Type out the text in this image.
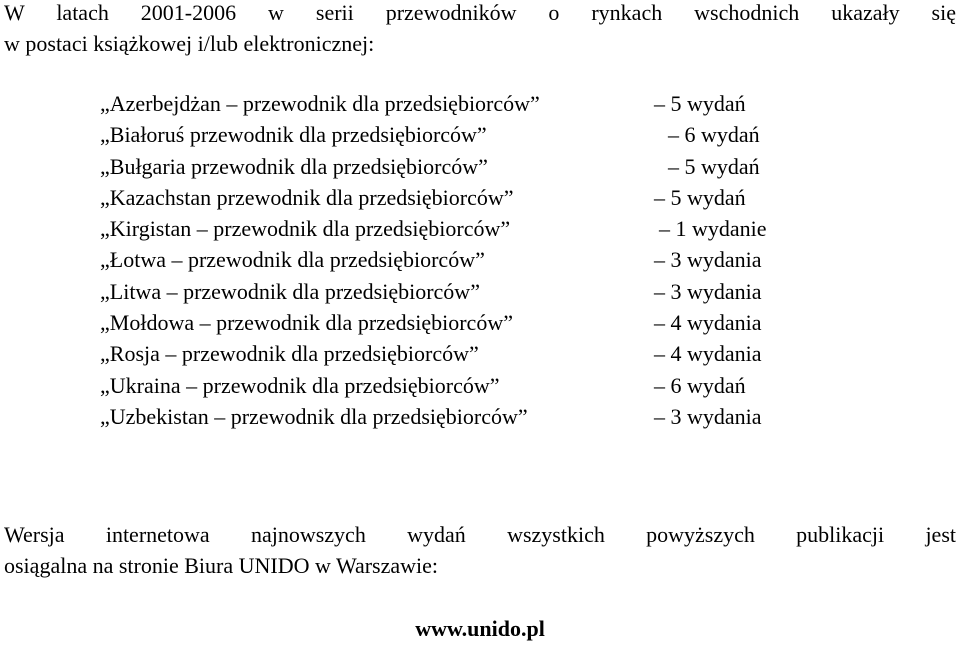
W latach 2001-2006 w serii przewodników o rynkach wschodnich ukazały się
w postaci książkowej i/lub elektronicznej:

„Azerbejdżan – przewodnik dla przedsiębiorców”	– 5 wydań
„Białoruś przewodnik dla przedsiębiorców”	– 6 wydań
„Bułgaria przewodnik dla przedsiębiorców”	– 5 wydań
„Kazachstan przewodnik dla przedsiębiorców”	– 5 wydań
„Kirgistan – przewodnik dla przedsiębiorców”	– 1 wydanie
„Łotwa – przewodnik dla przedsiębiorców”	– 3 wydania
„Litwa – przewodnik dla przedsiębiorców”	– 3 wydania
„Mołdowa – przewodnik dla przedsiębiorców”	– 4 wydania
„Rosja – przewodnik dla przedsiębiorców”	– 4 wydania
„Ukraina – przewodnik dla przedsiębiorców”	– 6 wydań
„Uzbekistan – przewodnik dla przedsiębiorców”	– 3 wydania

Wersja internetowa najnowszych wydań wszystkich powyższych publikacji jest
osiągalna na stronie Biura UNIDO w Warszawie:

www.unido.pl
